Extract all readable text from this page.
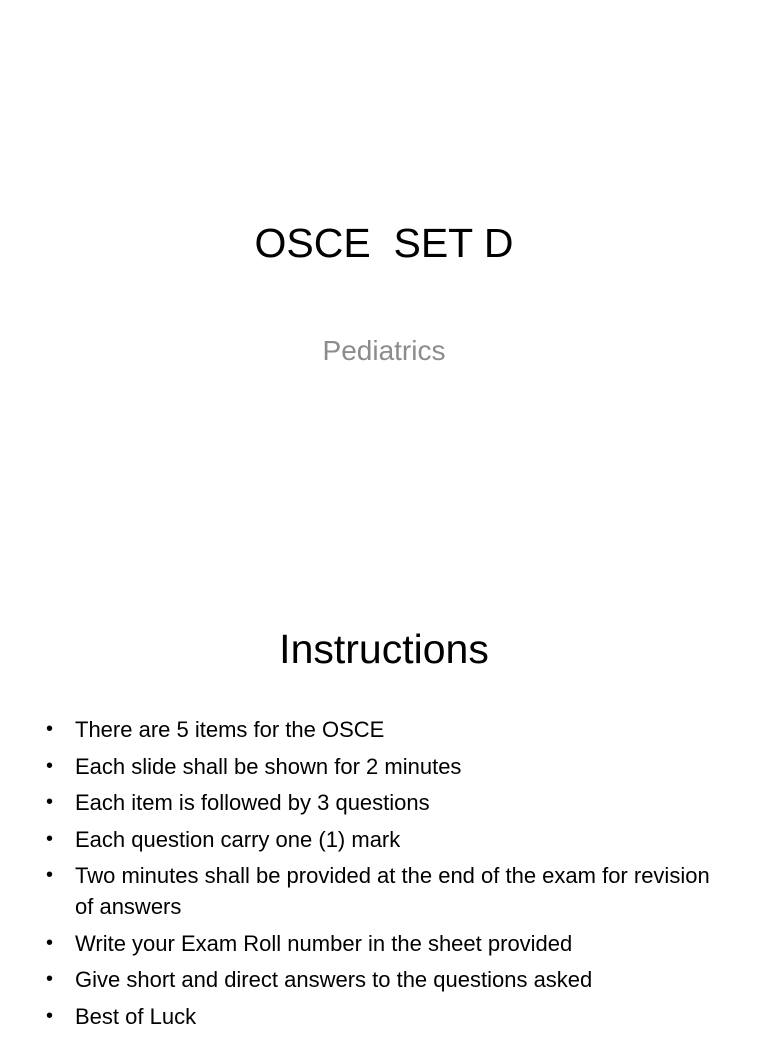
OSCE  SET D

Pediatrics

Instructions
• There are 5 items for the OSCE
• Each slide shall be shown for 2 minutes
• Each item is followed by 3 questions
• Each question carry one (1) mark
• Two minutes shall be provided at the end of the exam for revision of answers
• Write your Exam Roll number in the sheet provided
• Give short and direct answers to the questions asked
• Best of Luck
